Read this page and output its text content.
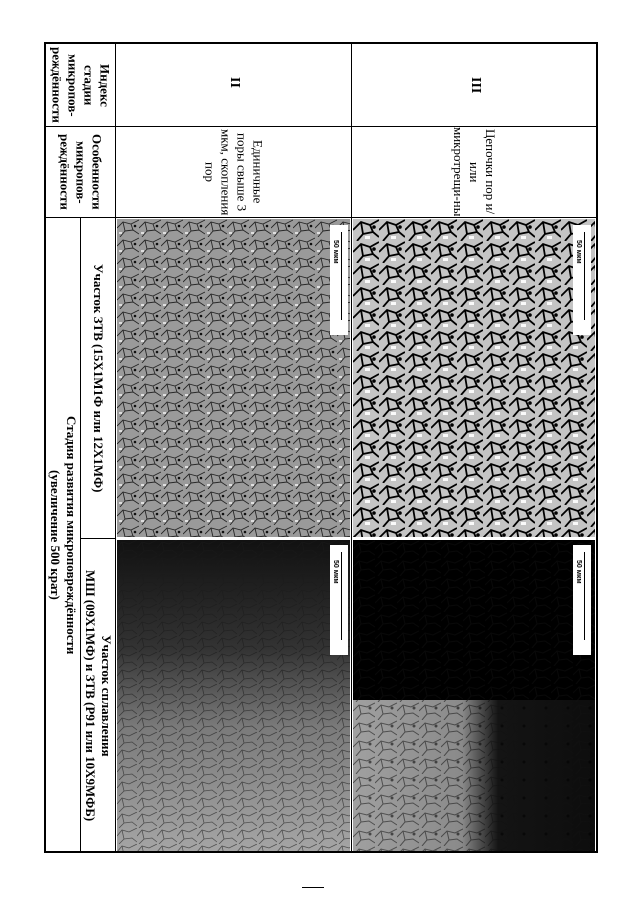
Стадия развития микроповреждённости
(увеличение 500 крат)
Участок ЗТВ (15Х1М1Ф или 12Х1МФ)
Участок сплавления
МШ (09Х1МФ) и ЗТВ (Р91 или 10Х9МФБ)
Особенности микропов-реждённости
Индекс стадии микропов-реждённости
Единичные поры свыше 3 мкм, скопления пор
II
Цепочки пор и/или микротрещи-ны
III
50 мкм
50 мкм
50 мкм
50 мкм
